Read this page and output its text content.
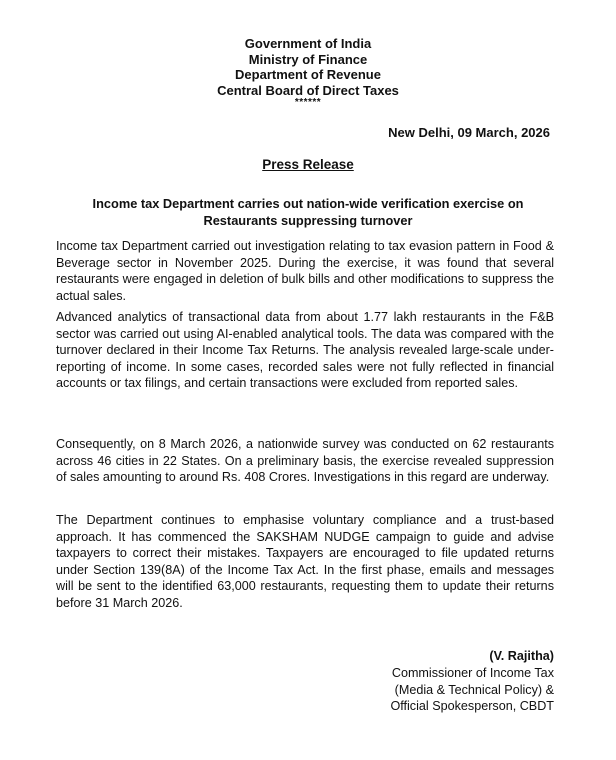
Government of India
Ministry of Finance
Department of Revenue
Central Board of Direct Taxes
******
New Delhi, 09 March, 2026
Press Release
Income tax Department carries out nation-wide verification exercise on Restaurants suppressing turnover
Income tax Department carried out investigation relating to tax evasion pattern in Food & Beverage sector in November 2025. During the exercise, it was found that several restaurants were engaged in deletion of bulk bills and other modifications to suppress the actual sales.
Advanced analytics of transactional data from about 1.77 lakh restaurants in the F&B sector was carried out using AI-enabled analytical tools. The data was compared with the turnover declared in their Income Tax Returns. The analysis revealed large-scale under-reporting of income. In some cases, recorded sales were not fully reflected in financial accounts or tax filings, and certain transactions were excluded from reported sales.
Consequently, on 8 March 2026, a nationwide survey was conducted on 62 restaurants across 46 cities in 22 States. On a preliminary basis, the exercise revealed suppression of sales amounting to around Rs. 408 Crores. Investigations in this regard are underway.
The Department continues to emphasise voluntary compliance and a trust-based approach. It has commenced the SAKSHAM NUDGE campaign to guide and advise taxpayers to correct their mistakes. Taxpayers are encouraged to file updated returns under Section 139(8A) of the Income Tax Act. In the first phase, emails and messages will be sent to the identified 63,000 restaurants, requesting them to update their returns before 31 March 2026.
(V. Rajitha)
Commissioner of Income Tax
(Media & Technical Policy) &
Official Spokesperson, CBDT
